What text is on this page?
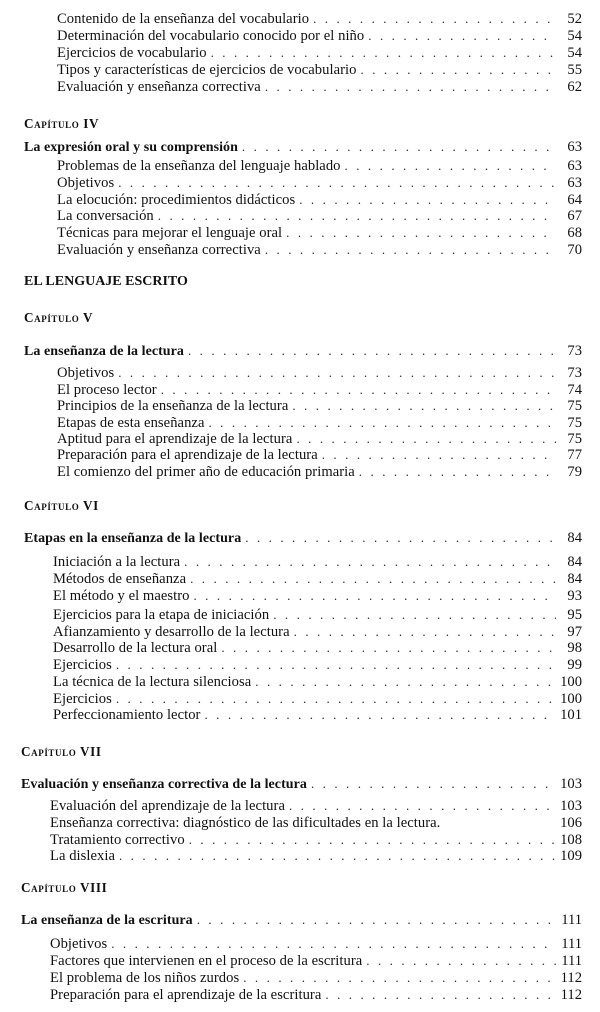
Contenido de la enseñanza del vocabulario . . .	52
Determinación del vocabulario conocido por el niño . . .	54
Ejercicios de vocabulario . . .	54
Tipos y características de ejercicios de vocabulario . . .	55
Evaluación y enseñanza correctiva . . .	62
Capítulo IV
La expresión oral y su comprensión . . .	63
Problemas de la enseñanza del lenguaje hablado . . .	63
Objetivos . . .	63
La elocución: procedimientos didácticos . . .	64
La conversación . . .	67
Técnicas para mejorar el lenguaje oral . . .	68
Evaluación y enseñanza correctiva . . .	70
EL LENGUAJE ESCRITO
Capítulo V
La enseñanza de la lectura . . .	73
Objetivos . . .	73
El proceso lector . . .	74
Principios de la enseñanza de la lectura . . .	75
Etapas de esta enseñanza . . .	75
Aptitud para el aprendizaje de la lectura . . .	75
Preparación para el aprendizaje de la lectura . . .	77
El comienzo del primer año de educación primaria . . .	79
Capítulo VI
Etapas en la enseñanza de la lectura . . .	84
Iniciación a la lectura . . .	84
Métodos de enseñanza . . .	84
El método y el maestro . . .	93
Ejercicios para la etapa de iniciación . . .	95
Afianzamiento y desarrollo de la lectura . . .	97
Desarrollo de la lectura oral . . .	98
Ejercicios . . .	99
La técnica de la lectura silenciosa . . .	100
Ejercicios . . .	100
Perfeccionamiento lector . . .	101
Capítulo VII
Evaluación y enseñanza correctiva de la lectura . . .	103
Evaluación del aprendizaje de la lectura . . .	103
Enseñanza correctiva: diagnóstico de las dificultades en la lectura.	106
Tratamiento correctivo . . .	108
La dislexia . . .	109
Capítulo VIII
La enseñanza de la escritura . . .	111
Objetivos . . .	111
Factores que intervienen en el proceso de la escritura . . .	111
El problema de los niños zurdos . . .	112
Preparación para el aprendizaje de la escritura . . .	112
